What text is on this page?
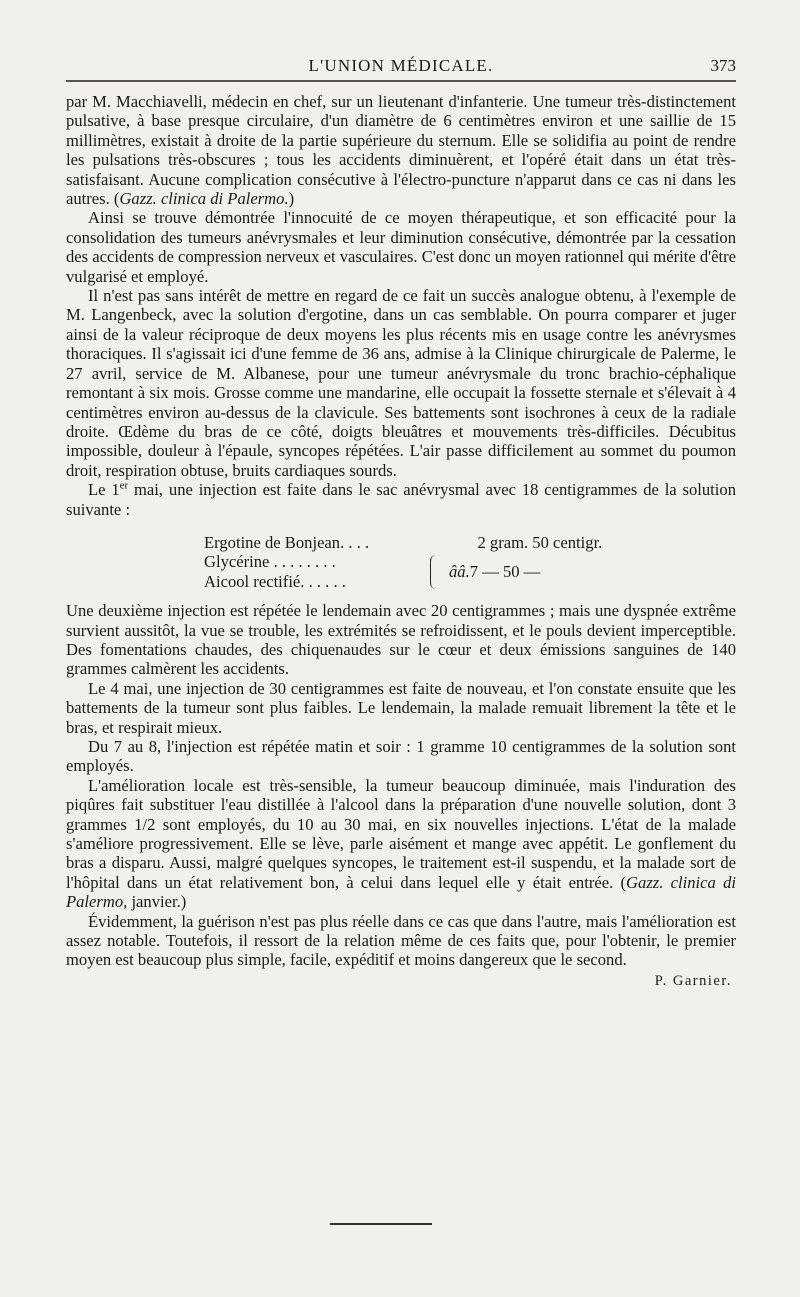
L'UNION MÉDICALE.	373

par M. Macchiavelli, médecin en chef, sur un lieutenant d'infanterie. Une tumeur très-distinctement pulsative, à base presque circulaire, d'un diamètre de 6 centimètres environ et une saillie de 15 millimètres, existait à droite de la partie supérieure du sternum. Elle se solidifia au point de rendre les pulsations très-obscures ; tous les accidents diminuèrent, et l'opéré était dans un état très-satisfaisant. Aucune complication consécutive à l'électro-puncture n'apparut dans ce cas ni dans les autres. (Gazz. clinica di Palermo.)

Ainsi se trouve démontrée l'innocuité de ce moyen thérapeutique, et son efficacité pour la consolidation des tumeurs anévrysmales et leur diminution consécutive, démontrée par la cessation des accidents de compression nerveux et vasculaires. C'est donc un moyen rationnel qui mérite d'être vulgarisé et employé.

Il n'est pas sans intérêt de mettre en regard de ce fait un succès analogue obtenu, à l'exemple de M. Langenbeck, avec la solution d'ergotine, dans un cas semblable. On pourra comparer et juger ainsi de la valeur réciproque de deux moyens les plus récents mis en usage contre les anévrysmes thoraciques. Il s'agissait ici d'une femme de 36 ans, admise à la Clinique chirurgicale de Palerme, le 27 avril, service de M. Albanese, pour une tumeur anévrysmale du tronc brachio-céphalique remontant à six mois. Grosse comme une mandarine, elle occupait la fossette sternale et s'élevait à 4 centimètres environ au-dessus de la clavicule. Ses battements sont isochrones à ceux de la radiale droite. Œdème du bras de ce côté, doigts bleuâtres et mouvements très-difficiles. Décubitus impossible, douleur à l'épaule, syncopes répétées. L'air passe difficilement au sommet du poumon droit, respiration obtuse, bruits cardiaques sourds.

Le 1er mai, une injection est faite dans le sac anévrysmal avec 18 centigrammes de la solution suivante :

Ergotine de Bonjean. . . .	2 gram. 50 centigr.
Glycérine . . . . . . . .
Aicool rectifié. . . . . .
ââ. 7 — 50 —

Une deuxième injection est répétée le lendemain avec 20 centigrammes ; mais une dyspnée extrême survient aussitôt, la vue se trouble, les extrémités se refroidissent, et le pouls devient imperceptible. Des fomentations chaudes, des chiquenaudes sur le cœur et deux émissions sanguines de 140 grammes calmèrent les accidents.

Le 4 mai, une injection de 30 centigrammes est faite de nouveau, et l'on constate ensuite que les battements de la tumeur sont plus faibles. Le lendemain, la malade remuait librement la tête et le bras, et respirait mieux.

Du 7 au 8, l'injection est répétée matin et soir : 1 gramme 10 centigrammes de la solution sont employés.

L'amélioration locale est très-sensible, la tumeur beaucoup diminuée, mais l'induration des piqûres fait substituer l'eau distillée à l'alcool dans la préparation d'une nouvelle solution, dont 3 grammes 1/2 sont employés, du 10 au 30 mai, en six nouvelles injections. L'état de la malade s'améliore progressivement. Elle se lève, parle aisément et mange avec appétit. Le gonflement du bras a disparu. Aussi, malgré quelques syncopes, le traitement est-il suspendu, et la malade sort de l'hôpital dans un état relativement bon, à celui dans lequel elle y était entrée. (Gazz. clinica di Palermo, janvier.)

Évidemment, la guérison n'est pas plus réelle dans ce cas que dans l'autre, mais l'amélioration est assez notable. Toutefois, il ressort de la relation même de ces faits que, pour l'obtenir, le premier moyen est beaucoup plus simple, facile, expéditif et moins dangereux que le second.

P. Garnier.
